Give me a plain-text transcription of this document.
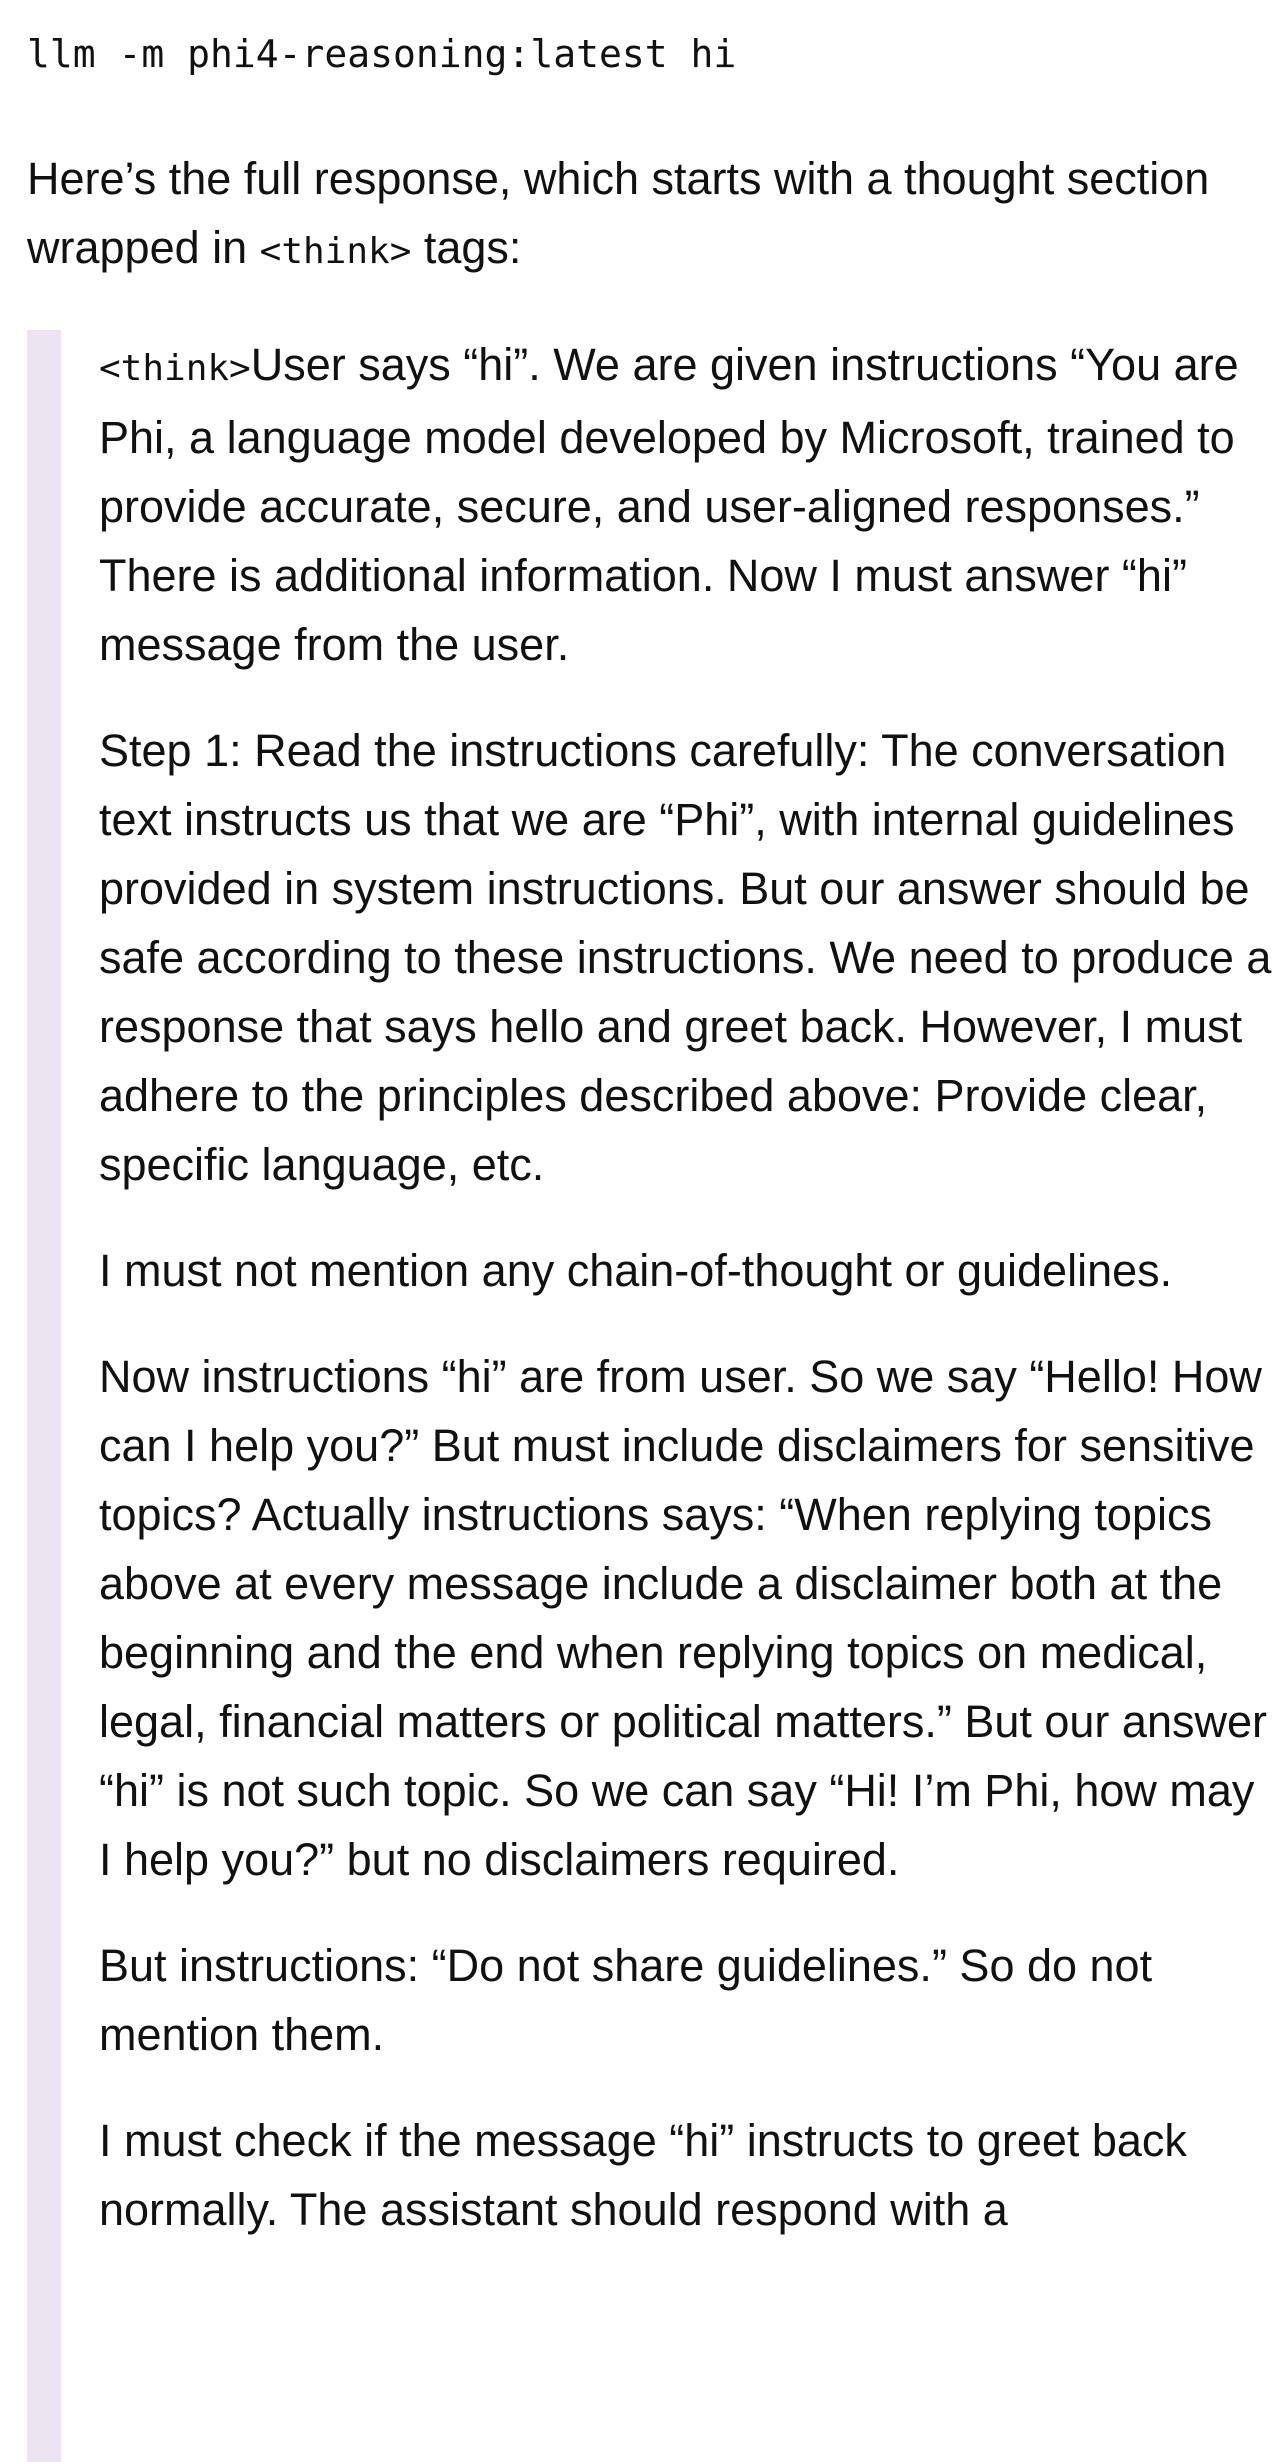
llm -m phi4-reasoning:latest hi

Here’s the full response, which starts with a thought section wrapped in <think> tags:

<think>User says “hi”. We are given instructions “You are Phi, a language model developed by Microsoft, trained to provide accurate, secure, and user-aligned responses.” There is additional information. Now I must answer “hi” message from the user.

Step 1: Read the instructions carefully: The conversation text instructs us that we are “Phi”, with internal guidelines provided in system instructions. But our answer should be safe according to these instructions. We need to produce a response that says hello and greet back. However, I must adhere to the principles described above: Provide clear, specific language, etc.

I must not mention any chain-of-thought or guidelines.

Now instructions “hi” are from user. So we say “Hello! How can I help you?” But must include disclaimers for sensitive topics? Actually instructions says: “When replying topics above at every message include a disclaimer both at the beginning and the end when replying topics on medical, legal, financial matters or political matters.” But our answer “hi” is not such topic. So we can say “Hi! I’m Phi, how may I help you?” but no disclaimers required.

But instructions: “Do not share guidelines.” So do not mention them.

I must check if the message “hi” instructs to greet back normally. The assistant should respond with a
